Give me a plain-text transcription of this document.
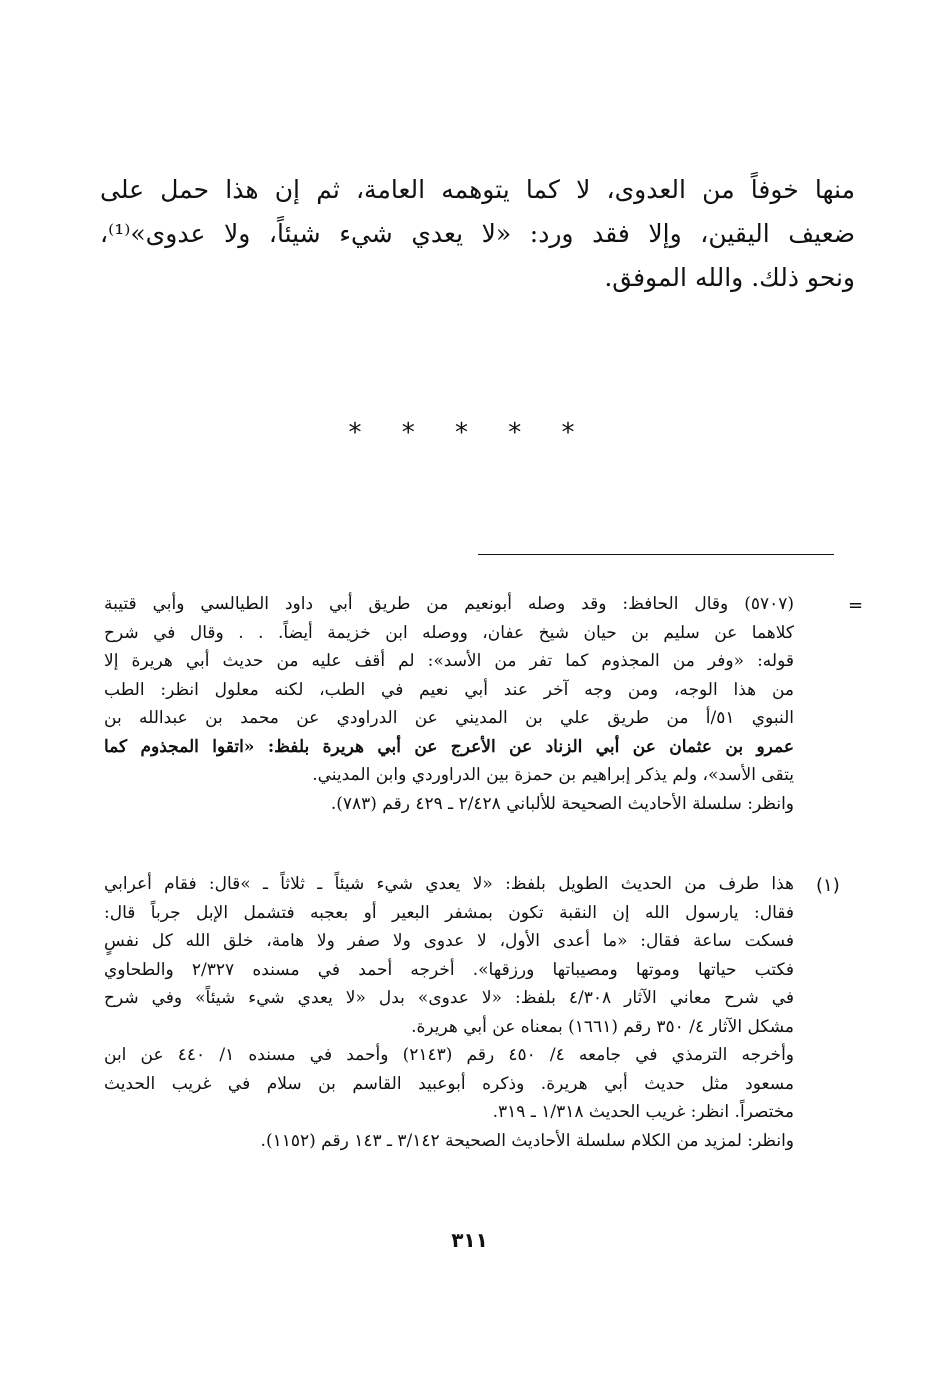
منها خوفاً من العدوى، لا كما يتوهمه العامة، ثم إن هذا حمل على
ضعيف اليقين، وإلا فقد ورد: «لا يعدي شيء شيئاً، ولا عدوى»⁽¹⁾،
ونحو ذلك. والله الموفق.
* * * * *
=
(٥٧٠٧) وقال الحافظ: وقد وصله أبونعيم من طريق أبي داود الطيالسي وأبي قتيبة
كلاهما عن سليم بن حيان شيخ عفان، ووصله ابن خزيمة أيضاً. . . وقال في شرح
قوله: «وفر من المجذوم كما تفر من الأسد»: لم أقف عليه من حديث أبي هريرة إلا
من هذا الوجه، ومن وجه آخر عند أبي نعيم في الطب، لكنه معلول انظر: الطب
النبوي ٥١/أ من طريق علي بن المديني عن الدراودي عن محمد بن عبدالله بن
عمرو بن عثمان عن أبي الزناد عن الأعرج عن أبي هريرة بلفظ: «اتقوا المجذوم كما
يتقى الأسد»، ولم يذكر إبراهيم بن حمزة بين الدراوردي وابن المديني.
وانظر: سلسلة الأحاديث الصحيحة للألباني ٢/٤٢٨ ـ ٤٢٩ رقم (٧٨٣).
(١)
هذا طرف من الحديث الطويل بلفظ: «لا يعدي شيء شيئاً ـ ثلاثاً ـ »قال: فقام أعرابي
فقال: يارسول الله إن النقبة تكون بمشفر البعير أو بعجبه فتشمل الإبل جرباً قال:
فسكت ساعة فقال: «ما أعدى الأول، لا عدوى ولا صفر ولا هامة، خلق الله كل نفسٍ
فكتب حياتها وموتها ومصيباتها ورزقها». أخرجه أحمد في مسنده ٢/٣٢٧ والطحاوي
في شرح معاني الآثار ٤/٣٠٨ بلفظ: «لا عدوى» بدل «لا يعدي شيء شيئاً» وفي شرح
مشكل الآثار ٤/ ٣٥٠ رقم (١٦٦١) بمعناه عن أبي هريرة.
وأخرجه الترمذي في جامعه ٤/ ٤٥٠ رقم (٢١٤٣) وأحمد في مسنده ١/ ٤٤٠ عن ابن
مسعود مثل حديث أبي هريرة. وذكره أبوعبيد القاسم بن سلام في غريب الحديث
مختصراً. انظر: غريب الحديث ١/٣١٨ ـ ٣١٩.
وانظر: لمزيد من الكلام سلسلة الأحاديث الصحيحة ٣/١٤٢ ـ ١٤٣ رقم (١١٥٢).
٣١١
